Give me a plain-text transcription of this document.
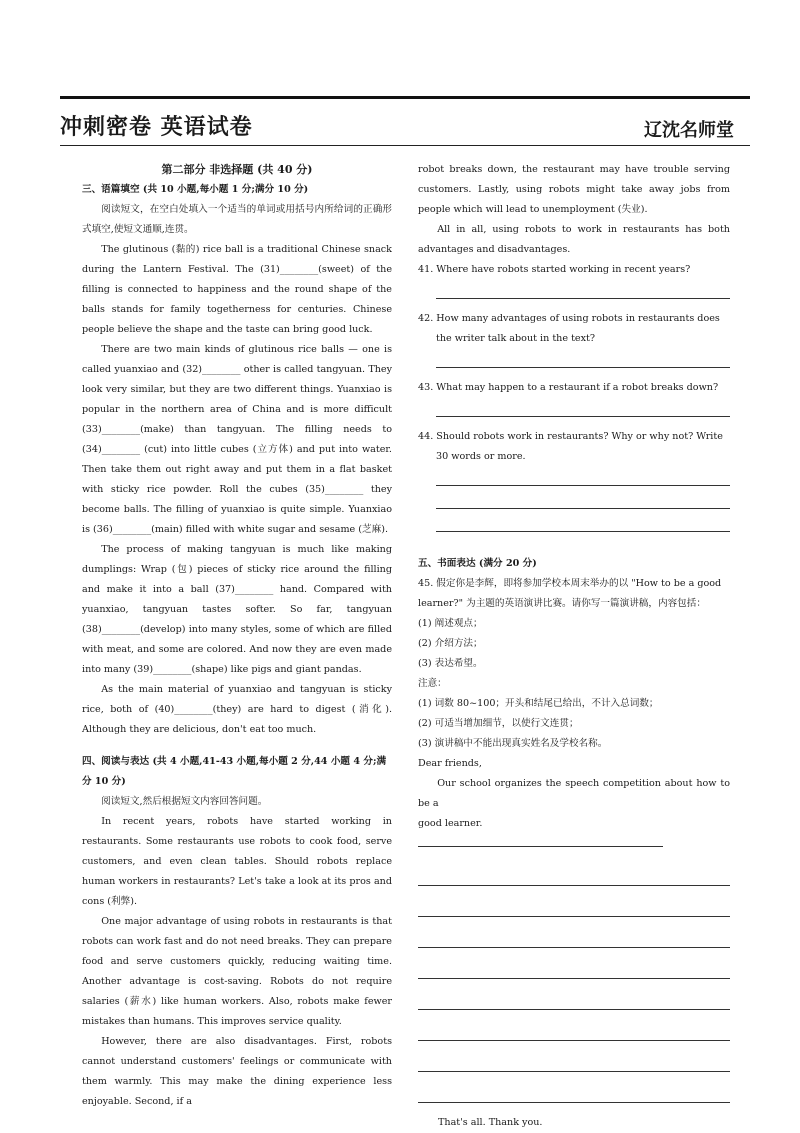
冲刺密卷 英语试卷	辽沈名师堂

第二部分 非选择题 (共 40 分)

三、语篇填空 (共 10 小题,每小题 1 分;满分 10 分)

阅读短文，在空白处填入一个适当的单词或用括号内所给词的正确形式填空,使短文通顺,连贯。

The glutinous (黏的) rice ball is a traditional Chinese snack during the Lantern Festival. The (31)________(sweet) of the filling is connected to happiness and the round shape of the balls stands for family togetherness for centuries. Chinese people believe the shape and the taste can bring good luck.

There are two main kinds of glutinous rice balls — one is called yuanxiao and (32)________ other is called tangyuan. They look very similar, but they are two different things. Yuanxiao is popular in the northern area of China and is more difficult (33)________(make) than tangyuan. The filling needs to (34)________ (cut) into little cubes (立方体) and put into water. Then take them out right away and put them in a flat basket with sticky rice powder. Roll the cubes (35)________ they become balls. The filling of yuanxiao is quite simple. Yuanxiao is (36)________(main) filled with white sugar and sesame (芝麻).

The process of making tangyuan is much like making dumplings: Wrap (包) pieces of sticky rice around the filling and make it into a ball (37)________ hand. Compared with yuanxiao, tangyuan tastes softer. So far, tangyuan (38)________(develop) into many styles, some of which are filled with meat, and some are colored. And now they are even made into many (39)________(shape) like pigs and giant pandas.

As the main material of yuanxiao and tangyuan is sticky rice, both of (40)________(they) are hard to digest (消化). Although they are delicious, don't eat too much.

四、阅读与表达 (共 4 小题,41-43 小题,每小题 2 分,44 小题 4 分;满分 10 分)

阅读短文,然后根据短文内容回答问题。

In recent years, robots have started working in restaurants. Some restaurants use robots to cook food, serve customers, and even clean tables. Should robots replace human workers in restaurants? Let's take a look at its pros and cons (利弊).

One major advantage of using robots in restaurants is that robots can work fast and do not need breaks. They can prepare food and serve customers quickly, reducing waiting time. Another advantage is cost-saving. Robots do not require salaries (薪水) like human workers. Also, robots make fewer mistakes than humans. This improves service quality.

However, there are also disadvantages. First, robots cannot understand customers' feelings or communicate with them warmly. This may make the dining experience less enjoyable. Second, if a

robot breaks down, the restaurant may have trouble serving customers. Lastly, using robots might take away jobs from people which will lead to unemployment (失业).

All in all, using robots to work in restaurants has both advantages and disadvantages.

41. Where have robots started working in recent years?

42. How many advantages of using robots in restaurants does the writer talk about in the text?

43. What may happen to a restaurant if a robot breaks down?

44. Should robots work in restaurants? Why or why not? Write 30 words or more.

五、书面表达 (满分 20 分)

45. 假定你是李辉，即将参加学校本周末举办的以 "How to be a good learner?" 为主题的英语演讲比赛。请你写一篇演讲稿，内容包括：

(1) 阐述观点；

(2) 介绍方法；

(3) 表达希望。

注意：

(1) 词数 80~100；开头和结尾已给出，不计入总词数；

(2) 可适当增加细节，以使行文连贯；

(3) 演讲稿中不能出现真实姓名及学校名称。

Dear friends,

Our school organizes the speech competition about how to be a

good learner.

That's all. Thank you.
